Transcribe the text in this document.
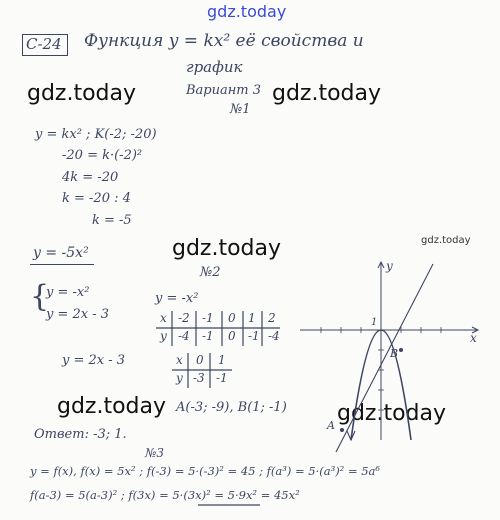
gdz.today
gdz.today	gdz.today
gdz.today	gdz.today
gdz.today	gdz.today
С-24 Функция y = kx² её свойства и
график
Вариант 3
№1
y = kx² ; K(-2; -20)
-20 = k·(-2)²
4k = -20
k = -20 : 4
k = -5
y = -5x²
№2
{
y = -x²
y = 2x - 3
y = -x²
x -2 -1 0 1 2
y -4 -1 0 -1 -4
y = 2x - 3	x 0 1
y -3 -1
A(-3; -9), B(1; -1)
Ответ: -3; 1.
№3
y = f(x), f(x) = 5x² ; f(-3) = 5·(-3)² = 45 ; f(a³) = 5·(a³)² = 5a⁶
f(a-3) = 5(a-3)² ; f(3x) = 5·(3x)² = 5·9x² = 45x²
y
x
1
B
A
